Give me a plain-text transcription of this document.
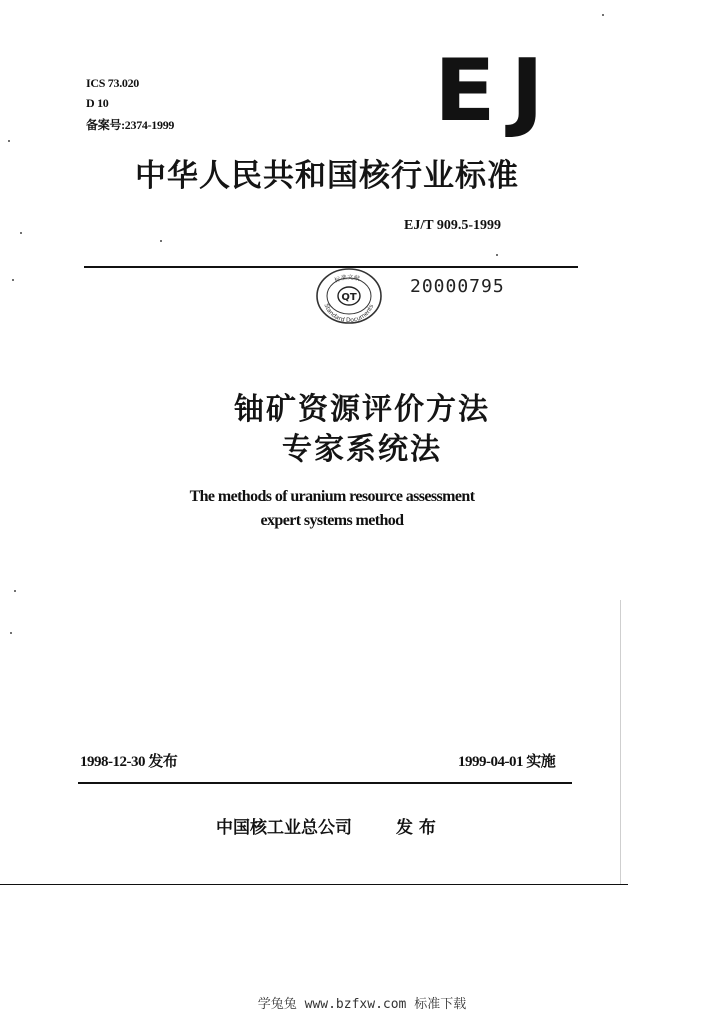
ICS 73.020
D 10
备案号:2374-1999	EJ
中华人民共和国核行业标准
EJ/T 909.5-1999
QT
Standard Documents
标准文献	20000795
铀矿资源评价方法
专家系统法
The methods of uranium resource assessment
expert systems method
1998-12-30 发布	1999-04-01 实施
中国核工业总公司	发 布
学兔兔 www.bzfxw.com 标准下载
